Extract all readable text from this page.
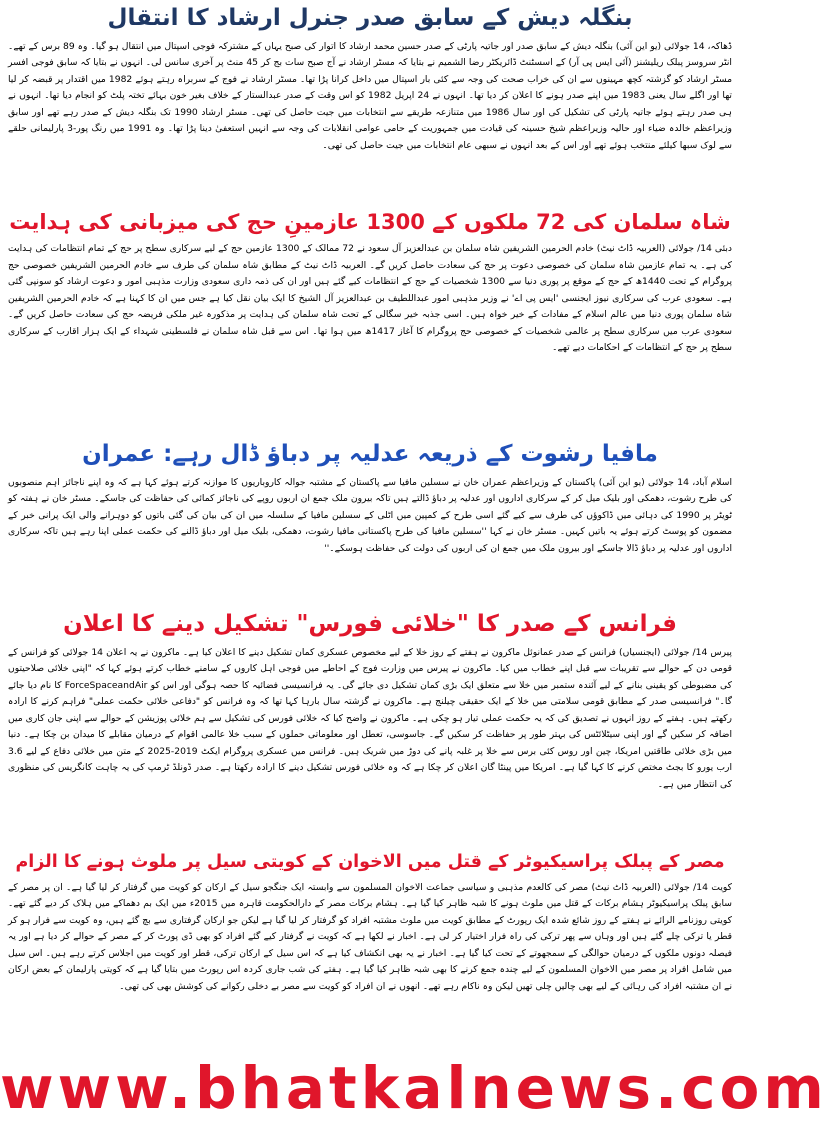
بنگلہ دیش کے سابق صدر جنرل ارشاد کا انتقال
ڈھاکہ، 14 جولائی (یو این آئی) بنگلہ دیش کے سابق صدر اور جاتیہ پارٹی کے صدر حسین محمد ارشاد کا اتوار کی صبح یہاں کے مشترکہ فوجی اسپتال میں انتقال ہو گیا۔ وہ 89 برس کے تھے۔ انٹر سروسز پبلک ریلیشنز (آئی ایس پی آر) کے اسسٹنٹ ڈائریکٹر رضا الشمیم نے بتایا کہ مسٹر ارشاد نے آج صبح سات بج کر 45 منٹ پر آخری سانس لی۔ انہوں نے بتایا کہ سابق فوجی افسر مسٹر ارشاد کو گزشتہ کچھ مہینوں سے ان کی خراب صحت کی وجہ سے کئی بار اسپتال میں داخل کرانا پڑا تھا۔ مسٹر ارشاد نے فوج کے سربراہ رہتے ہوئے 1982 میں اقتدار پر قبضہ کر لیا تھا اور اگلے سال یعنی 1983 میں اپنے صدر ہونے کا اعلان کر دیا تھا۔ انہوں نے 24 اپریل 1982 کو اس وقت کے صدر عبدالستار کے خلاف بغیر خون بہائے تختہ پلٹ کو انجام دیا تھا۔ انہوں نے ہی صدر رہتے ہوئے جاتیہ پارٹی کی تشکیل کی اور سال 1986 میں متنازعہ طریقے سے انتخابات میں جیت حاصل کی تھی۔ مسٹر ارشاد 1990 تک بنگلہ دیش کے صدر رہے تھے اور سابق وزیراعظم خالدہ ضیاء اور حالیہ وزیراعظم شیخ حسینہ کی قیادت میں جمہوریت کے حامی عوامی انقلابات کی وجہ سے انہیں استعفیٰ دینا پڑا تھا۔ وہ 1991 میں رنگ پور-3 پارلیمانی حلقے سے لوک سبھا کیلئے منتخب ہوئے تھے اور اس کے بعد انہوں نے سبھی عام انتخابات میں جیت حاصل کی تھی۔
شاہ سلمان کی 72 ملکوں کے 1300 عازمینِ حج کی میزبانی کی ہدایت
دبئی 14/ جولائی (العربیہ ڈاٹ نیٹ) خادم الحرمین الشریفین شاہ سلمان بن عبدالعزیز آل سعود نے 72 ممالک کے 1300 عازمین حج کے لیے سرکاری سطح پر حج کے تمام انتظامات کی ہدایت کی ہے۔ یہ تمام عازمین شاہ سلمان کی خصوصی دعوت پر حج کی سعادت حاصل کریں گے۔ العربیہ ڈاٹ نیٹ کے مطابق شاہ سلمان کی طرف سے خادم الحرمین الشریفین خصوصی حج پروگرام کے تحت 1440ھ کے حج کے موقع پر پوری دنیا سے 1300 شخصیات کے حج کے انتظامات کیے گئے ہیں اور ان کی ذمہ داری سعودی وزارت مذہبی امور و دعوت ارشاد کو سونپی گئی ہے۔ سعودی عرب کی سرکاری نیوز ایجنسی 'ایس پی اے' نے وزیر مذہبی امور عبداللطیف بن عبدالعزیز آل الشیخ کا ایک بیان نقل کیا ہے جس میں ان کا کہنا ہے کہ خادم الحرمین الشریفین شاہ سلمان پوری دنیا میں عالم اسلام کے مفادات کے خیر خواہ ہیں۔ اسی جذبہ خیر سگالی کے تحت شاہ سلمان کی ہدایت پر مذکورہ غیر ملکی فریضہ حج کی سعادت حاصل کریں گے۔ سعودی عرب میں سرکاری سطح پر عالمی شخصیات کے خصوصی حج پروگرام کا آغاز 1417ھ میں ہوا تھا۔ اس سے قبل شاہ سلمان نے فلسطینی شہداء کے ایک ہزار اقارب کے سرکاری سطح پر حج کے انتظامات کے احکامات دیے تھے۔
مافیا رشوت کے ذریعہ عدلیہ پر دباؤ ڈال رہے: عمران
اسلام آباد، 14 جولائی (یو این آئی) پاکستان کے وزیراعظم عمران خان نے سسلین مافیا سے پاکستان کے مشتبہ جوالہ کاروباریوں کا موازنہ کرتے ہوئے کہا ہے کہ وہ اپنے ناجائز اہم منصوبوں کی طرح رشوت، دھمکی اور بلیک میل کر کے سرکاری اداروں اور عدلیہ پر دباؤ ڈالتے ہیں تاکہ بیرون ملک جمع ان اربوں روپے کی ناجائز کمائی کی حفاظت کی جاسکے۔ مسٹر خان نے ہفتہ کو ٹویٹر پر 1990 کی دہائی میں ڈاکوؤں کی طرف سے کیے گئے اسی طرح کے کمپین میں اٹلی کے سسلین مافیا کے سلسلہ میں ان کی بیان کی گئی باتوں کو دوہرانے والی ایک پرانی خبر کے مضمون کو پوسٹ کرتے ہوئے یہ باتیں کہیں۔ مسٹر خان نے کہا ''سسلین مافیا کی طرح پاکستانی مافیا رشوت، دھمکی، بلیک میل اور دباؤ ڈالنے کی حکمت عملی اپنا رہے ہیں تاکہ سرکاری اداروں اور عدلیہ پر دباؤ ڈالا جاسکے اور بیرون ملک میں جمع ان کی اربوں کی دولت کی حفاظت ہوسکے۔''
فرانس کے صدر کا "خلائی فورس" تشکیل دینے کا اعلان
پیرس 14/ جولائی (ایجنسیاں) فرانس کے صدر عمانوئل ماکرون نے ہفتے کے روز خلا کے لیے مخصوص عسکری کمان تشکیل دینے کا اعلان کیا ہے۔ ماکرون نے یہ اعلان 14 جولائی کو فرانس کے قومی دن کے حوالے سے تقریبات سے قبل اپنے خطاب میں کیا۔ ماکرون نے پیرس میں وزارت فوج کے احاطے میں فوجی اہل کاروں کے سامنے خطاب کرتے ہوئے کہا کہ "اپنی خلائی صلاحیتوں کی مضبوطی کو یقینی بنانے کے لیے آئندہ ستمبر میں خلا سے متعلق ایک بڑی کمان تشکیل دی جائے گی۔ یہ فرانسیسی فضائیہ کا حصہ ہوگی اور اس کو ForceSpaceandAir کا نام دیا جائے گا۔" فرانسیسی صدر کے مطابق قومی سلامتی میں خلا کے ایک حقیقی چیلنج ہے۔ ماکرون نے گزشتہ سال بارہا کہا تھا کہ وہ فرانس کو "دفاعی خلائی حکمت عملی" فراہم کرنے کا ارادہ رکھتے ہیں۔ ہفتے کے روز انہوں نے تصدیق کی کہ یہ حکمت عملی تیار ہو چکی ہے۔ ماکرون نے واضح کیا کہ خلائی فورس کی تشکیل سے ہم خلائی پوزیشن کے حوالے سے اپنی جان کاری میں اضافہ کر سکیں گے اور اپنی سیٹلائٹس کی بہتر طور پر حفاظت کر سکیں گے۔ جاسوسی، تعطل اور معلوماتی حملوں کے سبب خلا عالمی اقوام کے درمیان مقابلے کا میدان بن چکا ہے۔ دنیا میں بڑی خلائی طاقتیں امریکا، چین اور روس کئی برس سے خلا پر غلبہ پانے کی دوڑ میں شریک ہیں۔ فرانس میں عسکری پروگرام ایکٹ 2019-2025 کے متن میں خلائی دفاع کے لیے 3.6 ارب یورو کا بجٹ مختص کرنے کا کہا گیا ہے۔ امریکا میں پینٹا گان اعلان کر چکا ہے کہ وہ خلائی فورس تشکیل دینے کا ارادہ رکھتا ہے۔ صدر ڈونلڈ ٹرمپ کی یہ چاہت کانگریس کی منظوری کی انتظار میں ہے۔
مصر کے پبلک پراسیکیوٹر کے قتل میں الاخوان کے کویتی سیل پر ملوث ہونے کا الزام
کویت 14/ جولائی (العربیہ ڈاٹ نیٹ) مصر کی کالعدم مذہبی و سیاسی جماعت الاخوان المسلمون سے وابستہ ایک جنگجو سیل کے ارکان کو کویت میں گرفتار کر لیا گیا ہے۔ ان پر مصر کے سابق پبلک پراسیکیوٹر ہشام برکات کے قتل میں ملوث ہونے کا شبہ ظاہر کیا گیا ہے۔ ہشام برکات مصر کے دارالحکومت قاہرہ میں 2015ء میں ایک بم دھماکے میں ہلاک کر دیے گئے تھے۔ کویتی روزنامے الرائے نے ہفتے کے روز شائع شدہ ایک رپورٹ کے مطابق کویت میں ملوث مشتبہ افراد کو گرفتار کر لیا گیا ہے لیکن جو ارکان گرفتاری سے بچ گئے ہیں، وہ کویت سے فرار ہو کر قطر یا ترکی چلے گئے ہیں اور وہاں سے پھر ترکی کی راہ فرار اختیار کر لی ہے۔ اخبار نے لکھا ہے کہ کویت نے گرفتار کیے گئے افراد کو بھی ڈی پورٹ کر کے مصر کے حوالے کر دیا ہے اور یہ فیصلہ دونوں ملکوں کے درمیان حوالگی کے سمجھوتے کے تحت کیا گیا ہے۔ اخبار نے یہ بھی انکشاف کیا ہے کہ اس سیل کے ارکان ترکی، قطر اور کویت میں اجلاس کرتے رہے ہیں۔ اس سیل میں شامل افراد پر مصر میں الاخوان المسلمون کے لیے چندہ جمع کرنے کا بھی شبہ ظاہر کیا گیا ہے۔ ہفتے کی شب جاری کردہ اس رپورٹ میں بتایا گیا ہے کہ کویتی پارلیمان کے بعض ارکان نے ان مشتبہ افراد کی رہائی کے لیے بھی چالیں چلی تھیں لیکن وہ ناکام رہے تھے۔ انھوں نے ان افراد کو کویت سے مصر بے دخلی رکوانے کی کوشش بھی کی تھی۔
www.bhatkalnews.com
